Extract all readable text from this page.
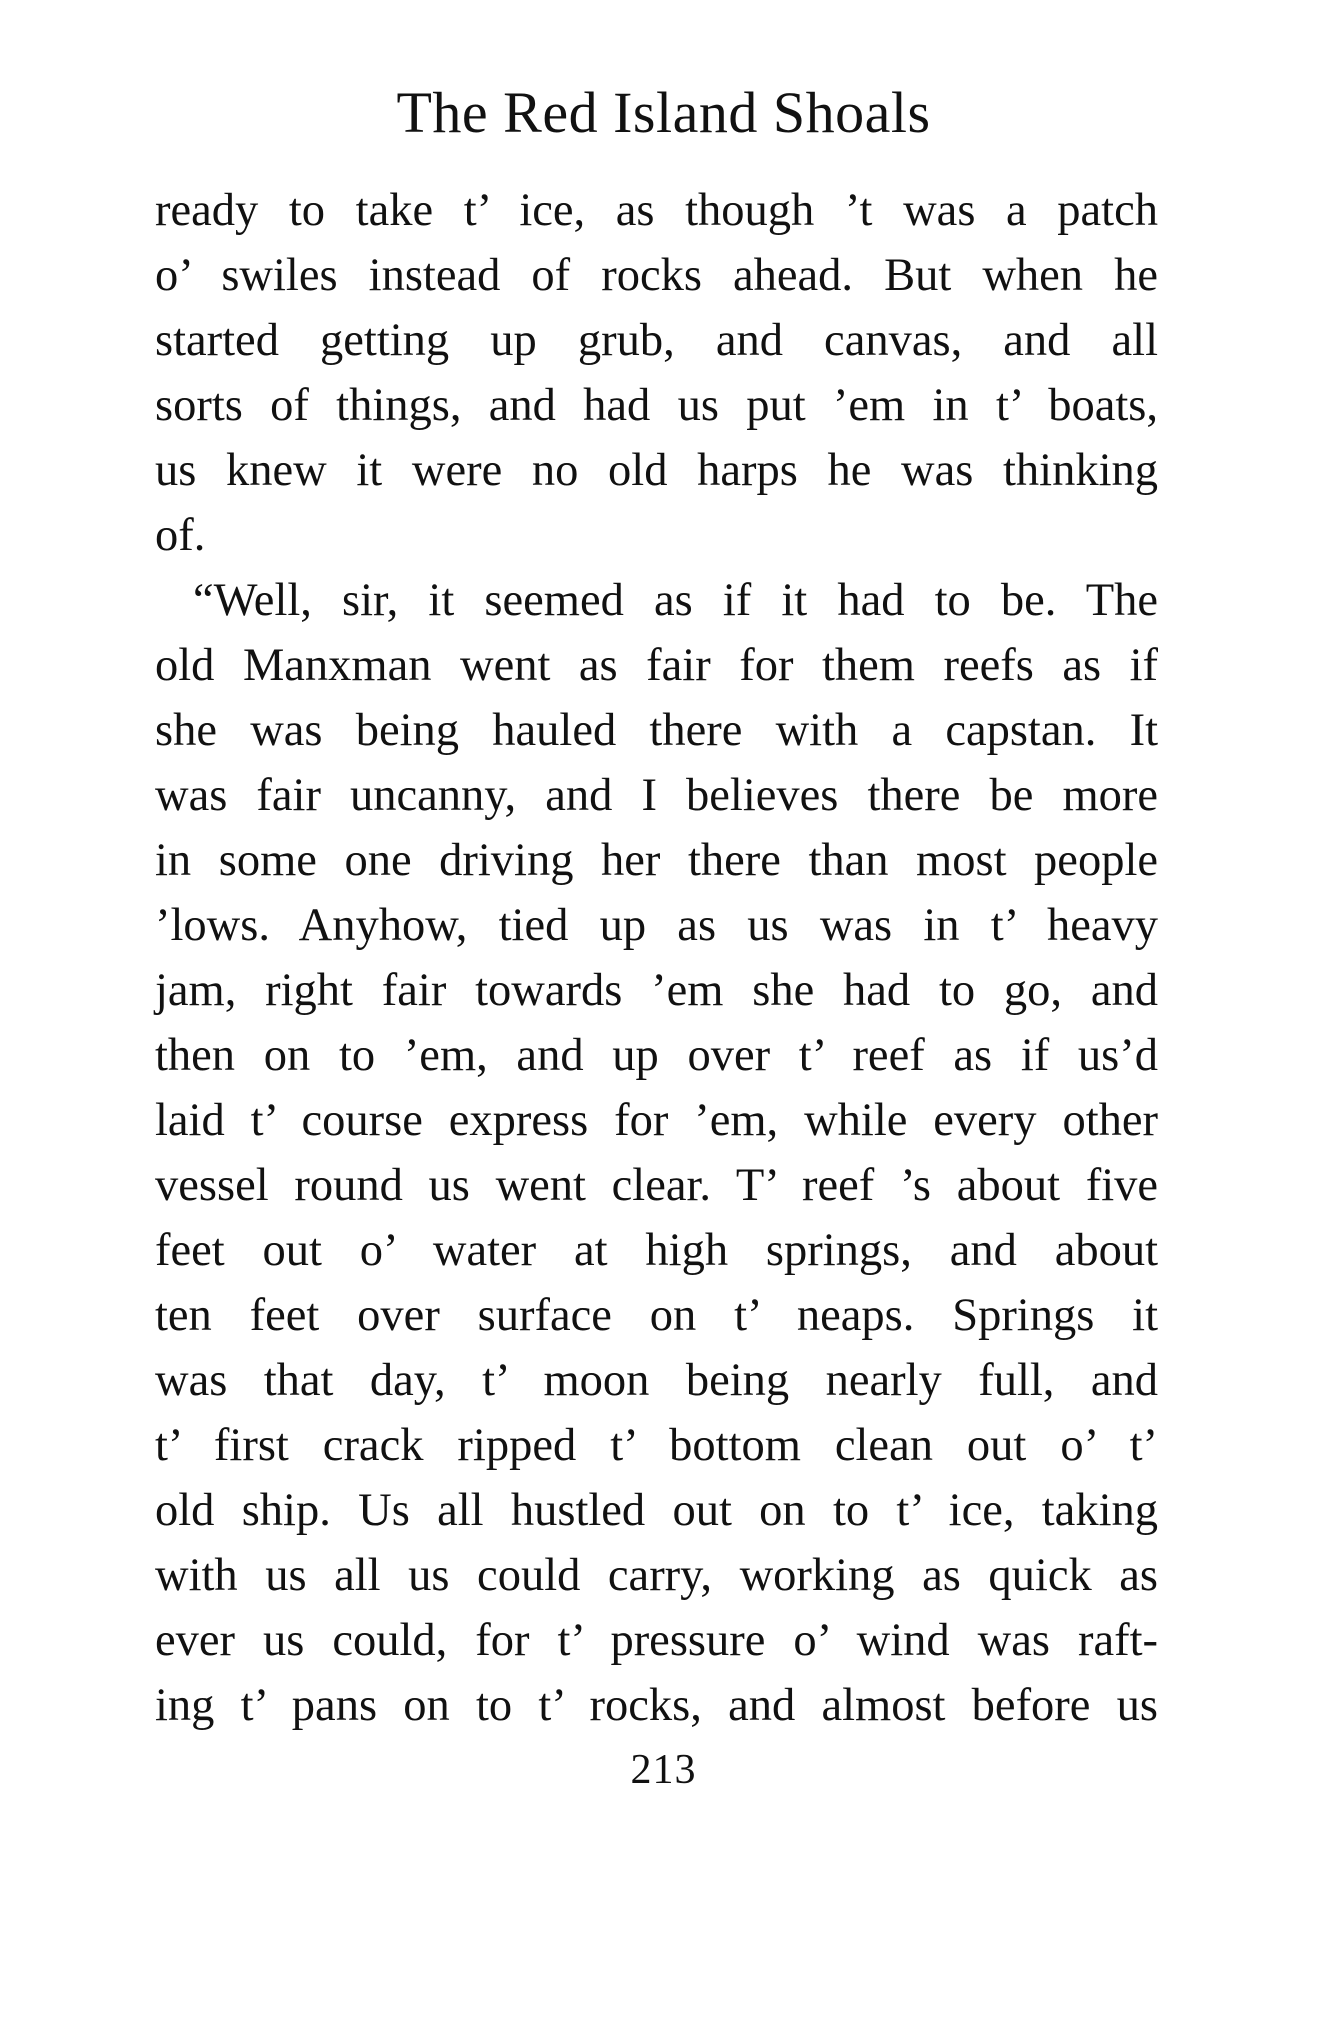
The Red Island Shoals
ready to take t’ ice, as though ’t was a patch
o’ swiles instead of rocks ahead. But when he
started getting up grub, and canvas, and all
sorts of things, and had us put ’em in t’ boats,
us knew it were no old harps he was thinking
of.
“Well, sir, it seemed as if it had to be. The
old Manxman went as fair for them reefs as if
she was being hauled there with a capstan. It
was fair uncanny, and I believes there be more
in some one driving her there than most people
’lows. Anyhow, tied up as us was in t’ heavy
jam, right fair towards ’em she had to go, and
then on to ’em, and up over t’ reef as if us’d
laid t’ course express for ’em, while every other
vessel round us went clear. T’ reef ’s about five
feet out o’ water at high springs, and about
ten feet over surface on t’ neaps. Springs it
was that day, t’ moon being nearly full, and
t’ first crack ripped t’ bottom clean out o’ t’
old ship. Us all hustled out on to t’ ice, taking
with us all us could carry, working as quick as
ever us could, for t’ pressure o’ wind was raft-
ing t’ pans on to t’ rocks, and almost before us
213
